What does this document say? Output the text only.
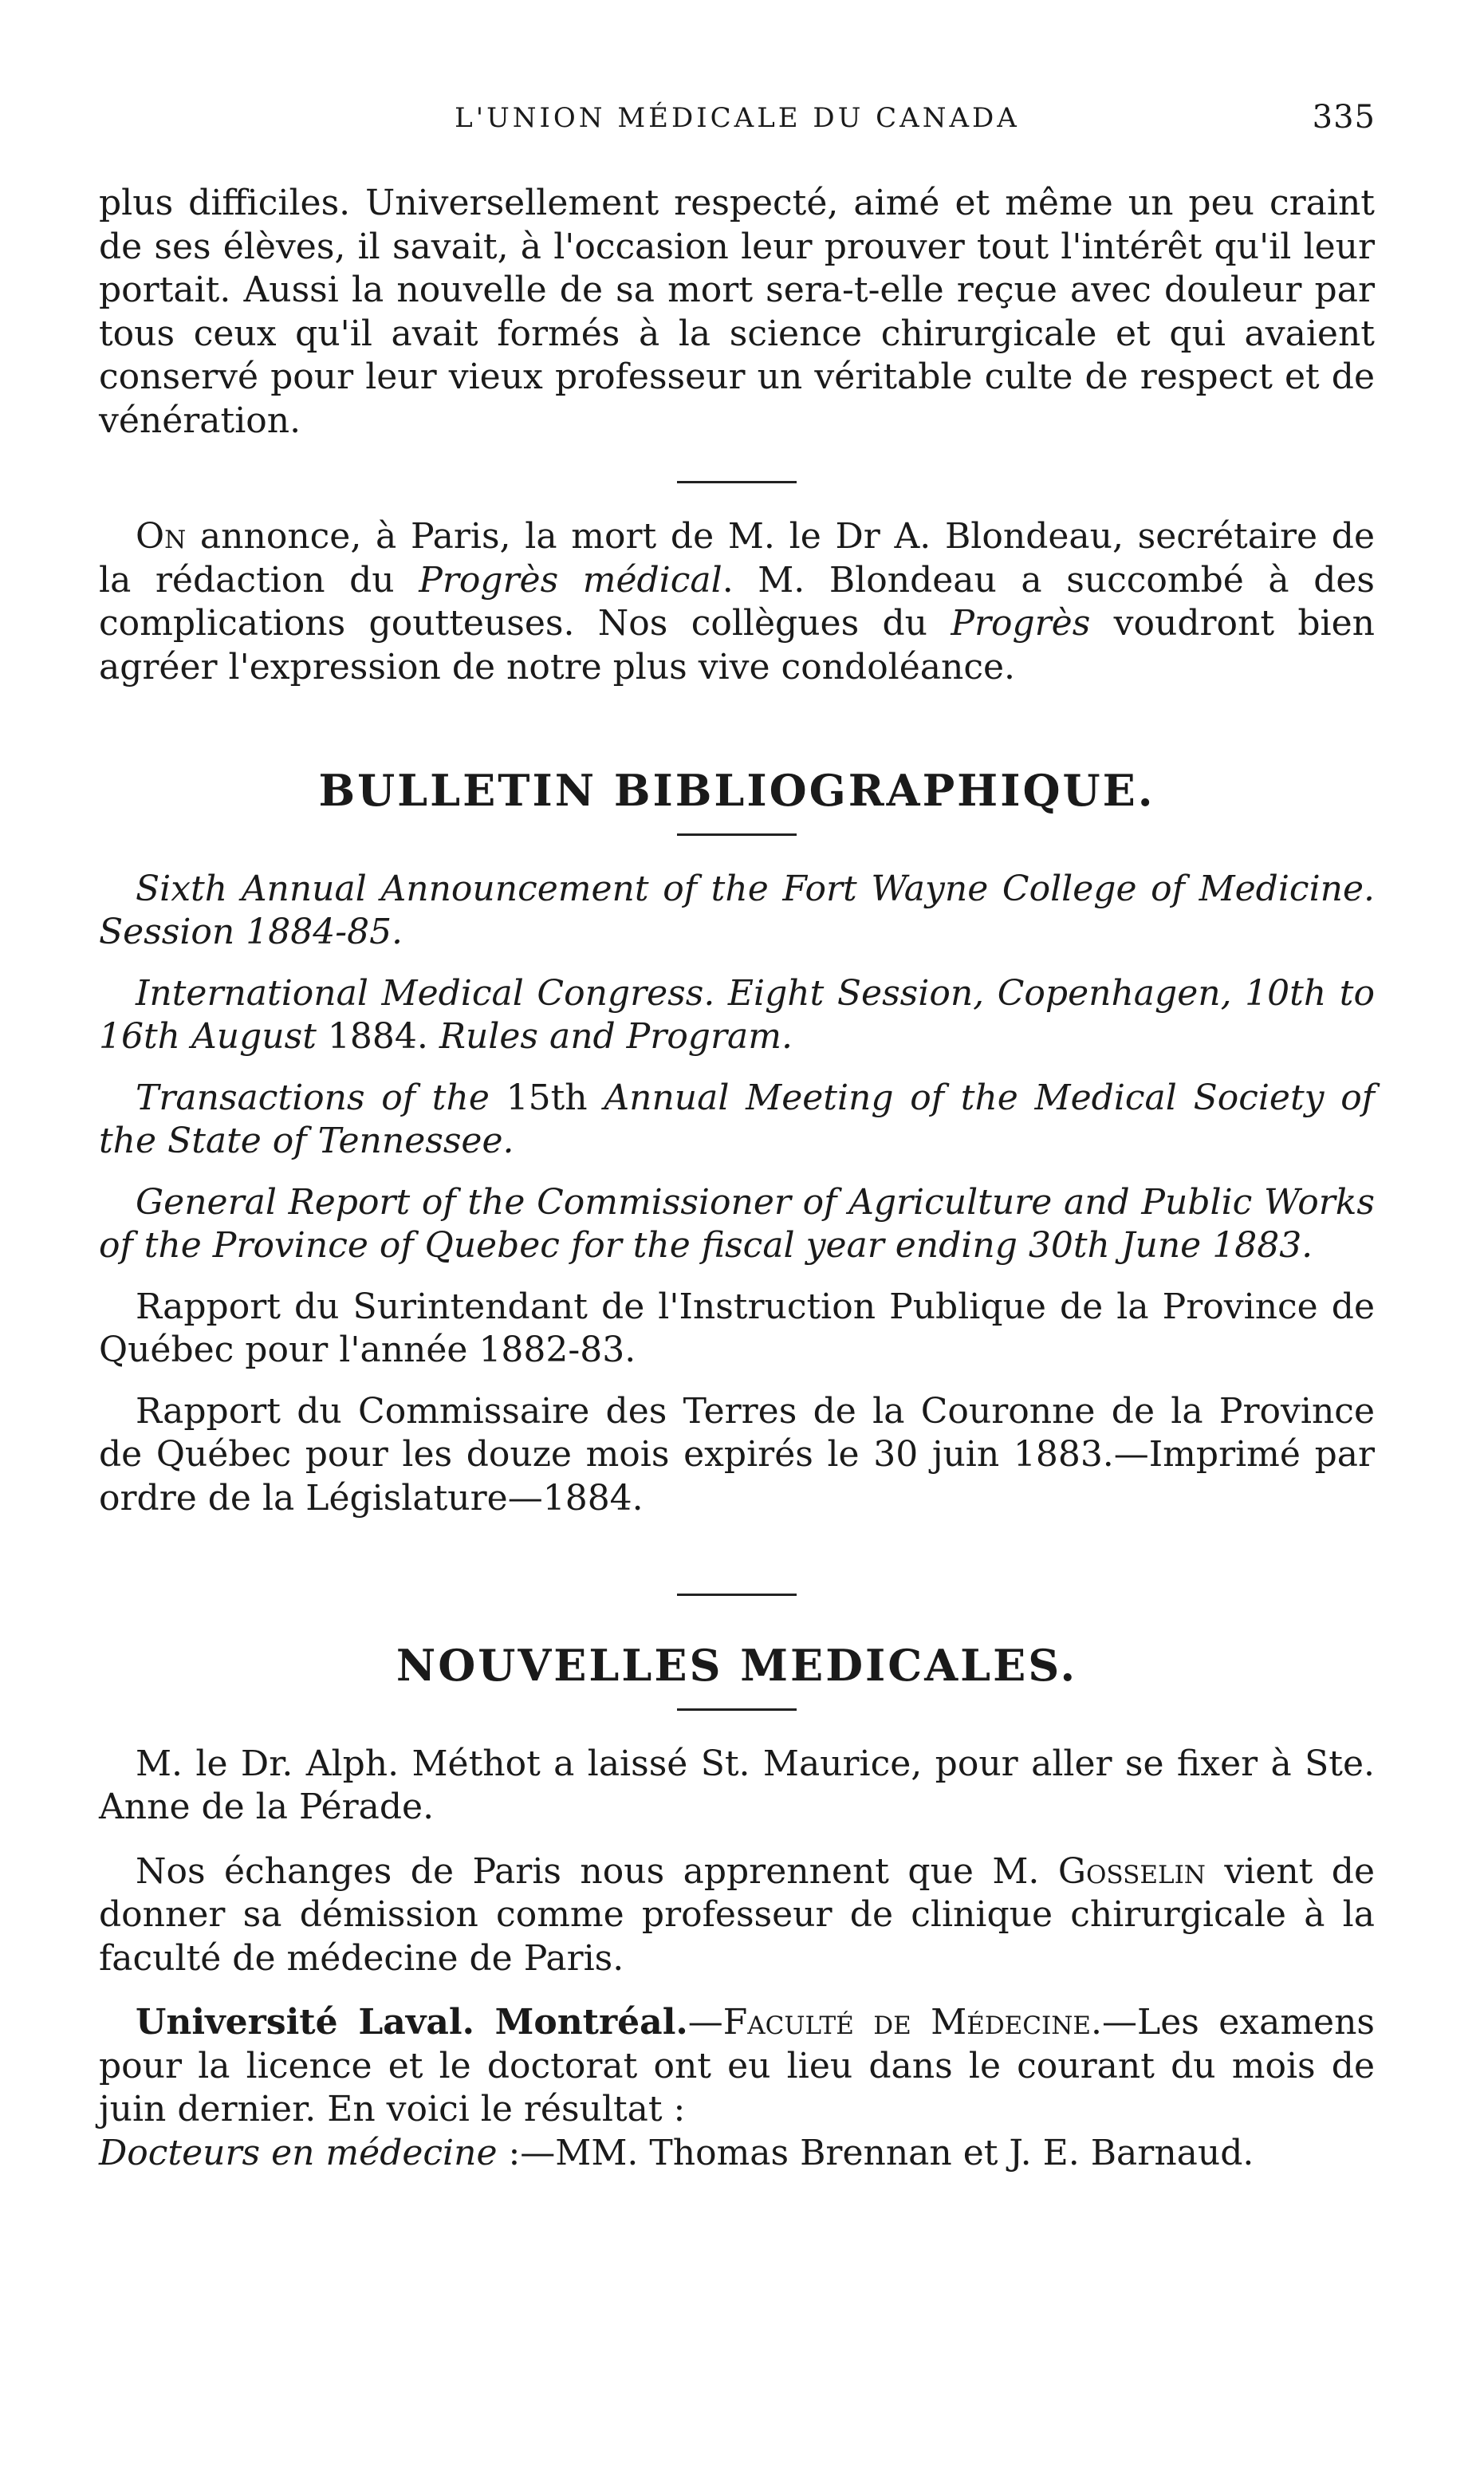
L'UNION MÉDICALE DU CANADA	335

plus difficiles. Universellement respecté, aimé et même un peu craint de ses élèves, il savait, à l'occasion leur prouver tout l'intérêt qu'il leur portait. Aussi la nouvelle de sa mort sera-t-elle reçue avec douleur par tous ceux qu'il avait formés à la science chirurgicale et qui avaient conservé pour leur vieux professeur un véritable culte de respect et de vénération.

On annonce, à Paris, la mort de M. le Dr A. Blondeau, secrétaire de la rédaction du Progrès médical. M. Blondeau a succombé à des complications goutteuses. Nos collègues du Progrès voudront bien agréer l'expression de notre plus vive condoléance.

BULLETIN BIBLIOGRAPHIQUE.

Sixth Annual Announcement of the Fort Wayne College of Medicine. Session 1884-85.

International Medical Congress. Eight Session, Copenhagen, 10th to 16th August 1884. Rules and Program.

Transactions of the 15th Annual Meeting of the Medical Society of the State of Tennessee.

General Report of the Commissioner of Agriculture and Public Works of the Province of Quebec for the fiscal year ending 30th June 1883.

Rapport du Surintendant de l'Instruction Publique de la Province de Québec pour l'année 1882-83.

Rapport du Commissaire des Terres de la Couronne de la Province de Québec pour les douze mois expirés le 30 juin 1883.—Imprimé par ordre de la Législature—1884.

NOUVELLES MEDICALES.

M. le Dr. Alph. Méthot a laissé St. Maurice, pour aller se fixer à Ste. Anne de la Pérade.

Nos échanges de Paris nous apprennent que M. Gosselin vient de donner sa démission comme professeur de clinique chirurgicale à la faculté de médecine de Paris.

Université Laval. Montréal.—Faculté de Médecine.—Les examens pour la licence et le doctorat ont eu lieu dans le courant du mois de juin dernier. En voici le résultat :
Docteurs en médecine :—MM. Thomas Brennan et J. E. Barnaud.
